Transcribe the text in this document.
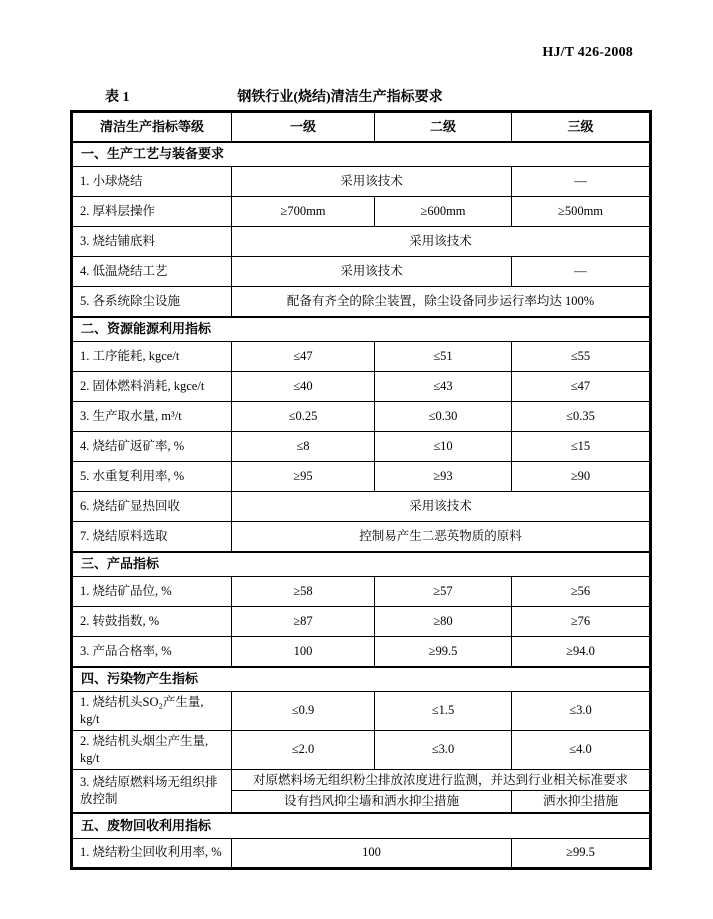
HJ/T 426-2008
表 1	钢铁行业(烧结)清洁生产指标要求
清洁生产指标等级	一级	二级	三级
一、生产工艺与装备要求			
1. 小球烧结	采用该技术		—
2. 厚料层操作	≥700mm	≥600mm	≥500mm
3. 烧结铺底料	采用该技术		
4. 低温烧结工艺	采用该技术		—
5. 各系统除尘设施	配备有齐全的除尘装置，除尘设备同步运行率均达 100%		
二、资源能源利用指标			
1. 工序能耗, kgce/t	≤47	≤51	≤55
2. 固体燃料消耗, kgce/t	≤40	≤43	≤47
3. 生产取水量, m³/t	≤0.25	≤0.30	≤0.35
4. 烧结矿返矿率, %	≤8	≤10	≤15
5. 水重复利用率, %	≥95	≥93	≥90
6. 烧结矿显热回收	采用该技术		
7. 烧结原料选取	控制易产生二恶英物质的原料		
三、产品指标			
1. 烧结矿品位, %	≥58	≥57	≥56
2. 转鼓指数, %	≥87	≥80	≥76
3. 产品合格率, %	100	≥99.5	≥94.0
四、污染物产生指标			
1. 烧结机头SO₂产生量, kg/t	≤0.9	≤1.5	≤3.0
2. 烧结机头烟尘产生量, kg/t	≤2.0	≤3.0	≤4.0
3. 烧结原燃料场无组织排放控制	对原燃料场无组织粉尘排放浓度进行监测，并达到行业相关标准要求		
	设有挡风抑尘墙和洒水抑尘措施		洒水抑尘措施
五、废物回收利用指标			
1. 烧结粉尘回收利用率, %	100		≥99.5
